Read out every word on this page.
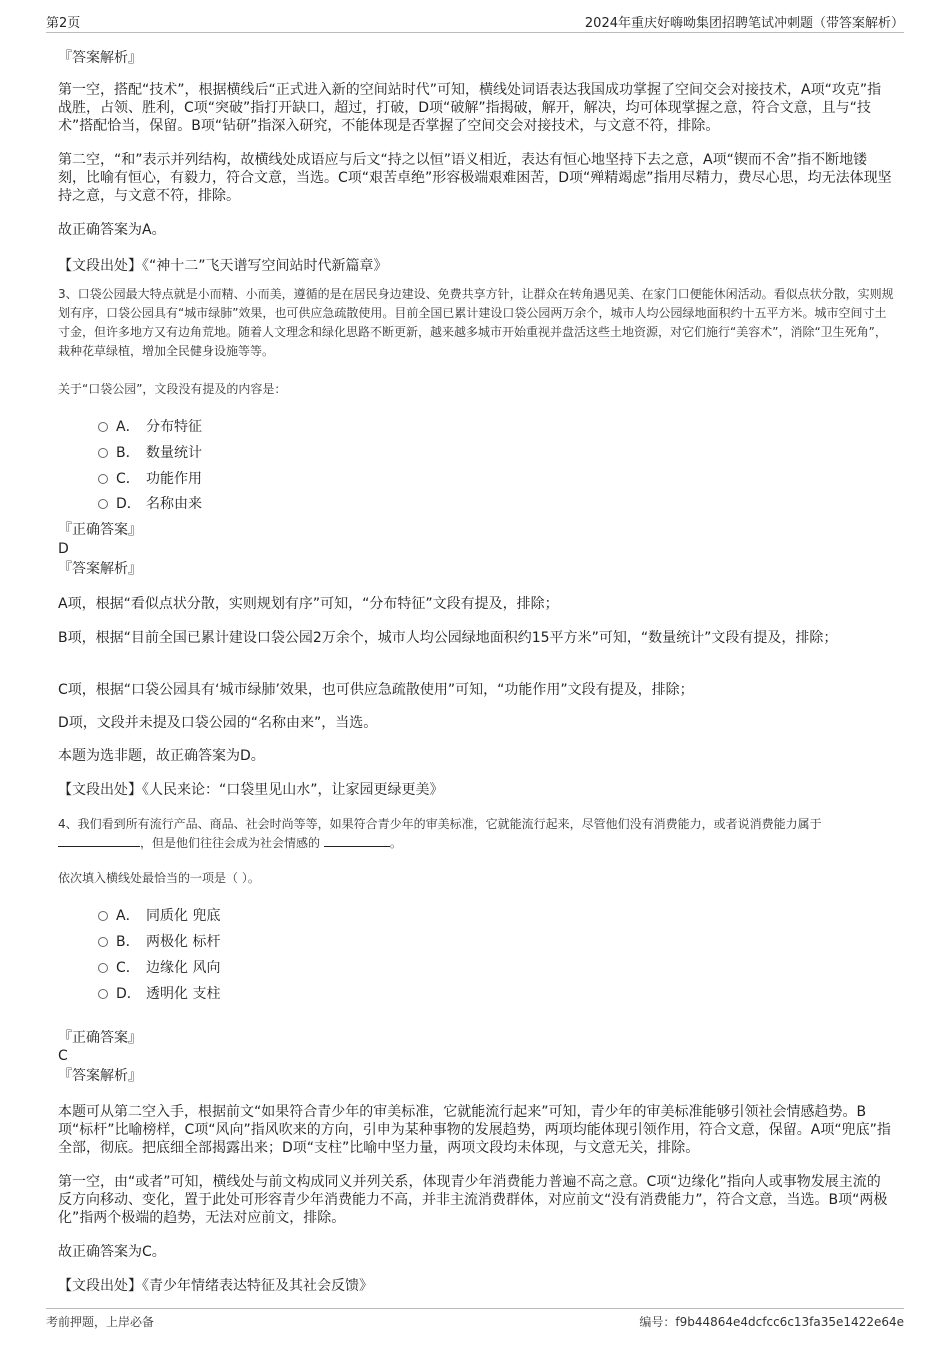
第2页	2024年重庆好嗨呦集团招聘笔试冲刺题（带答案解析）
『答案解析』

第一空，搭配“技术”，根据横线后“正式进入新的空间站时代”可知，横线处词语表达我国成功掌握了空间交会对接技术，A项“攻克”指战胜，占领、胜利，C项“突破”指打开缺口，超过，打破，D项“破解”指揭破，解开，解决，均可体现掌握之意，符合文意，且与“技术”搭配恰当，保留。B项“钻研”指深入研究，不能体现是否掌握了空间交会对接技术，与文意不符，排除。

第二空，“和”表示并列结构，故横线处成语应与后文“持之以恒”语义相近，表达有恒心地坚持下去之意，A项“锲而不舍”指不断地镂刻，比喻有恒心，有毅力，符合文意，当选。C项“艰苦卓绝”形容极端艰难困苦，D项“殚精竭虑”指用尽精力，费尽心思，均无法体现坚持之意，与文意不符，排除。

故正确答案为A。
【文段出处】《“神十二”飞天谱写空间站时代新篇章》
3、口袋公园最大特点就是小而精、小而美，遵循的是在居民身边建设、免费共享方针，让群众在转角遇见美、在家门口便能休闲活动。看似点状分散，实则规划有序，口袋公园具有“城市绿肺”效果，也可供应急疏散使用。目前全国已累计建设口袋公园两万余个，城市人均公园绿地面积约十五平方米。城市空间寸土寸金，但许多地方又有边角荒地。随着人文理念和绿化思路不断更新，越来越多城市开始重视并盘活这些土地资源，对它们施行“美容术”，消除“卫生死角”，栽种花草绿植，增加全民健身设施等等。
关于“口袋公园”，文段没有提及的内容是：
A． 分布特征
B． 数量统计
C． 功能作用
D． 名称由来
『正确答案』
D
『答案解析』

A项，根据“看似点状分散，实则规划有序”可知，“分布特征”文段有提及，排除；

B项，根据“目前全国已累计建设口袋公园2万余个，城市人均公园绿地面积约15平方米”可知，“数量统计”文段有提及，排除；

C项，根据“口袋公园具有‘城市绿肺’效果，也可供应急疏散使用”可知，“功能作用”文段有提及，排除；

D项，文段并未提及口袋公园的“名称由来”，当选。

本题为选非题，故正确答案为D。
【文段出处】《人民来论：“口袋里见山水”，让家园更绿更美》
4、我们看到所有流行产品、商品、社会时尚等等，如果符合青少年的审美标准，它就能流行起来，尽管他们没有消费能力，或者说消费能力属于 ，但是他们往往会成为社会情感的	。
依次填入横线处最恰当的一项是（ ）。
A． 同质化 兜底
B． 两极化 标杆
C． 边缘化 风向
D． 透明化 支柱
『正确答案』
C
『答案解析』

本题可从第二空入手，根据前文“如果符合青少年的审美标准，它就能流行起来”可知，青少年的审美标准能够引领社会情感趋势。B项“标杆”比喻榜样，C项“风向”指风吹来的方向，引申为某种事物的发展趋势，两项均能体现引领作用，符合文意，保留。A项“兜底”指全部，彻底。把底细全部揭露出来；D项“支柱”比喻中坚力量，两项文段均未体现，与文意无关，排除。

第一空，由“或者”可知，横线处与前文构成同义并列关系，体现青少年消费能力普遍不高之意。C项“边缘化”指向人或事物发展主流的反方向移动、变化，置于此处可形容青少年消费能力不高，并非主流消费群体，对应前文“没有消费能力”，符合文意，当选。B项“两极化”指两个极端的趋势，无法对应前文，排除。

故正确答案为C。
【文段出处】《青少年情绪表达特征及其社会反馈》
考前押题，上岸必备	编号：f9b44864e4dcfcc6c13fa35e1422e64e
